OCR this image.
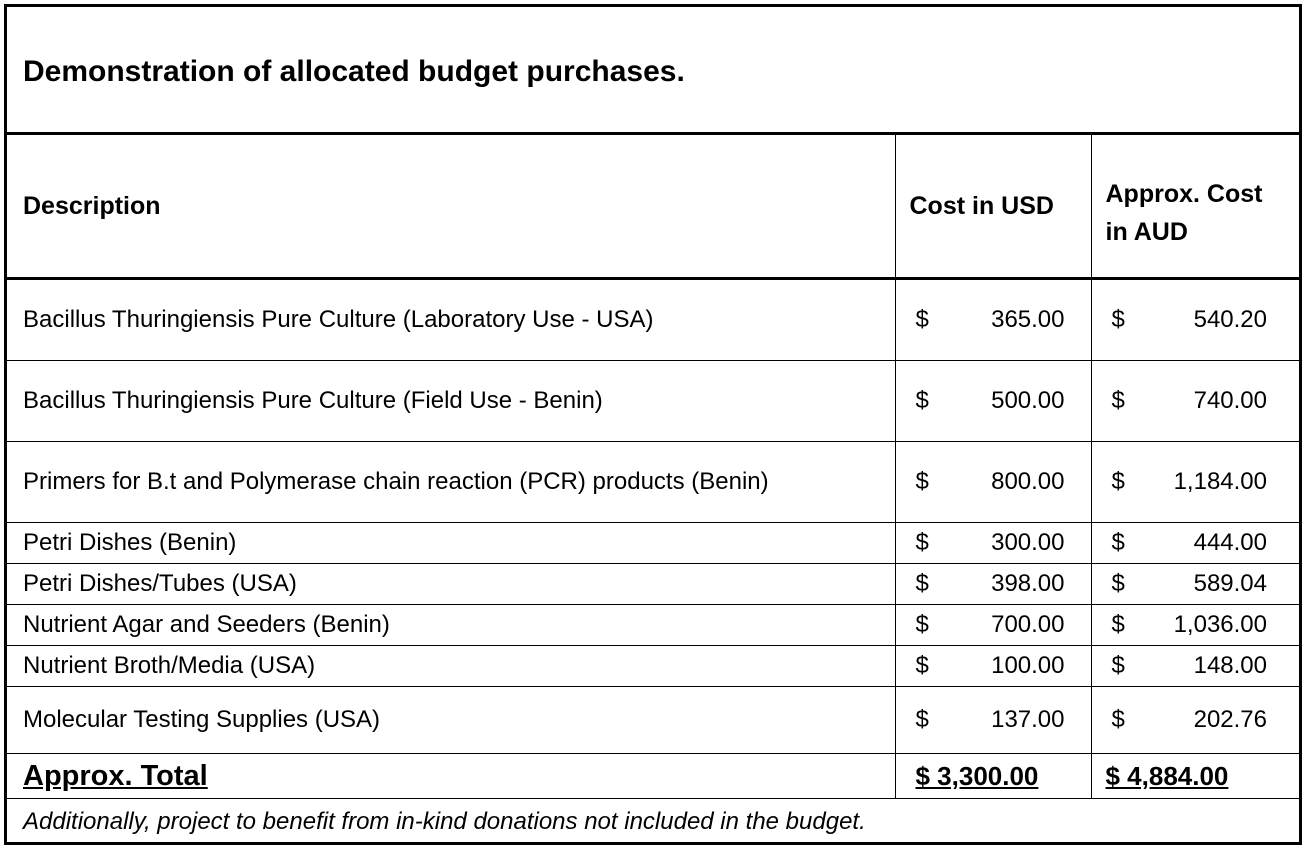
Demonstration of allocated budget purchases.
Description	Cost in USD	Approx. Cost
in AUD
Bacillus Thuringiensis Pure Culture (Laboratory Use - USA)	$ 365.00	$ 540.20

Bacillus Thuringiensis Pure Culture (Field Use - Benin)	$ 500.00	$ 740.00

Primers for B.t and Polymerase chain reaction (PCR) products (Benin)	$ 800.00	$ 1,184.00

Petri Dishes (Benin)	$ 300.00	$ 444.00

Petri Dishes/Tubes (USA)	$ 398.00	$ 589.04

Nutrient Agar and Seeders (Benin)	$ 700.00	$ 1,036.00

Nutrient Broth/Media (USA)	$ 100.00	$ 148.00

Molecular Testing Supplies (USA)	$ 137.00	$ 202.76

Approx. Total	$ 3,300.00	$ 4,884.00
Additionally, project to benefit from in-kind donations not included in the budget.		
